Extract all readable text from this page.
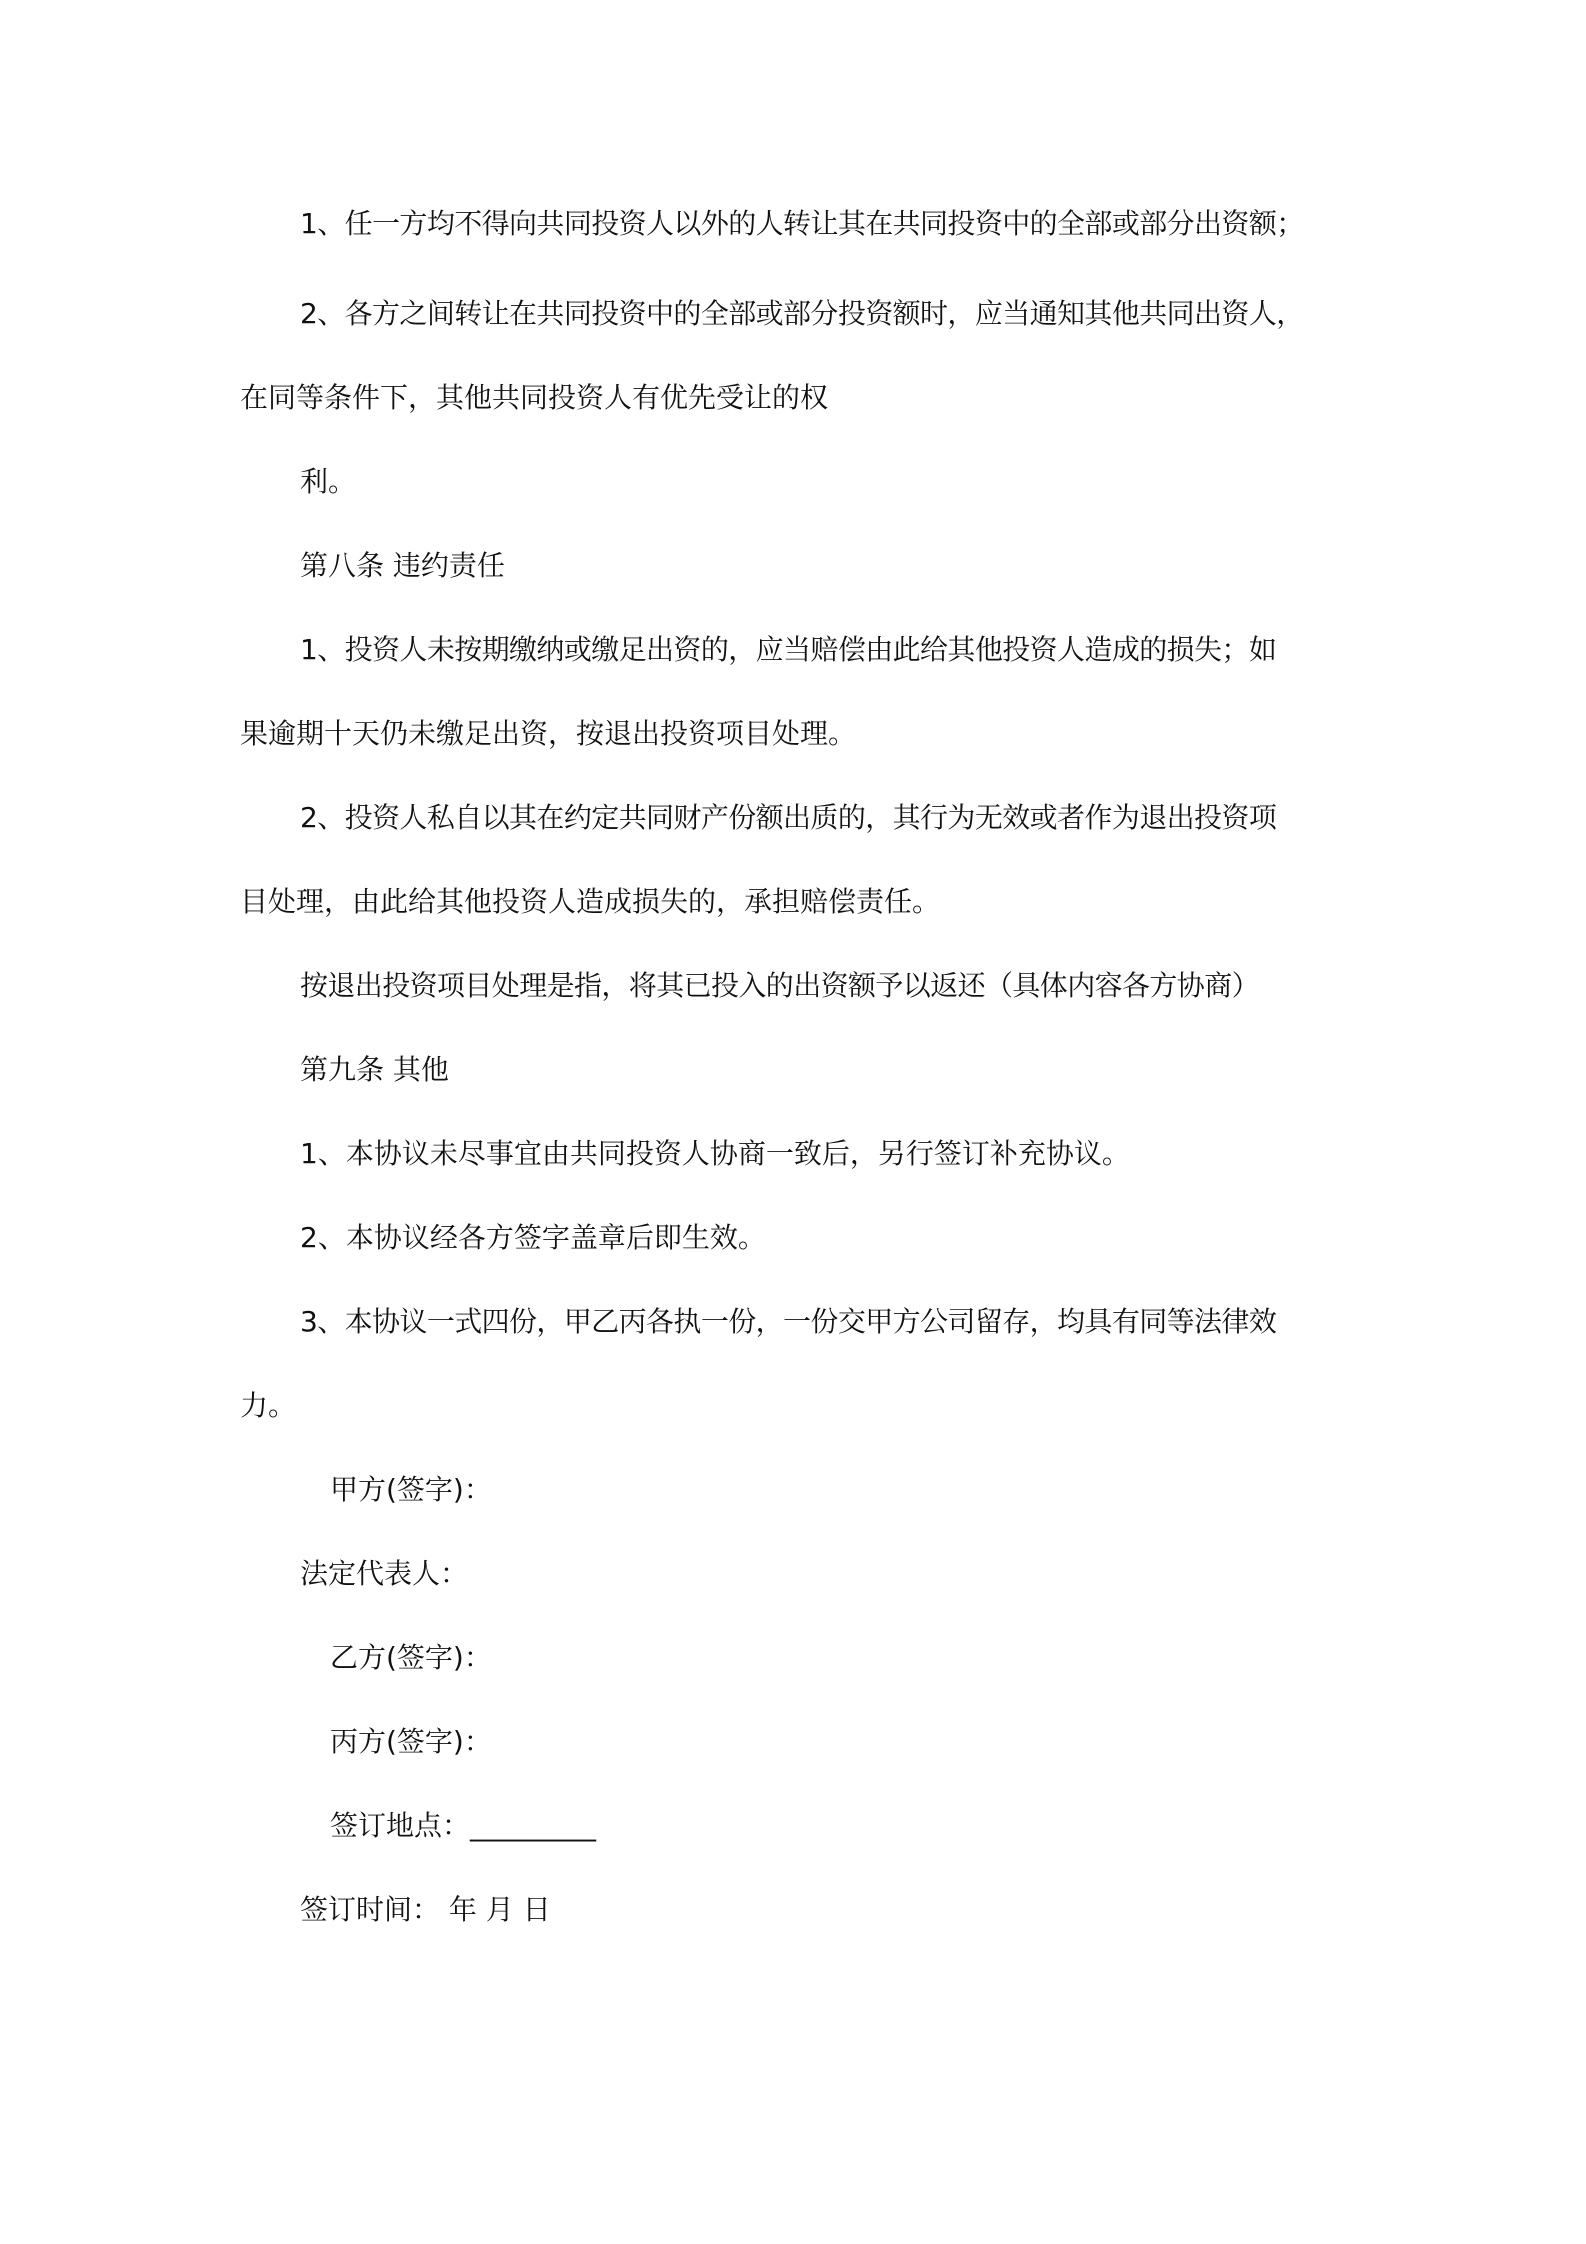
1、任一方均不得向共同投资人以外的人转让其在共同投资中的全部或部分出资额；
2、各方之间转让在共同投资中的全部或部分投资额时，应当通知其他共同出资人，
在同等条件下，其他共同投资人有优先受让的权
利。
第八条 违约责任
1、投资人未按期缴纳或缴足出资的，应当赔偿由此给其他投资人造成的损失；如
果逾期十天仍未缴足出资，按退出投资项目处理。
2、投资人私自以其在约定共同财产份额出质的，其行为无效或者作为退出投资项
目处理，由此给其他投资人造成损失的，承担赔偿责任。
按退出投资项目处理是指，将其已投入的出资额予以返还（具体内容各方协商）
第九条 其他
1、本协议未尽事宜由共同投资人协商一致后，另行签订补充协议。
2、本协议经各方签字盖章后即生效。
3、本协议一式四份，甲乙丙各执一份，一份交甲方公司留存，均具有同等法律效
力。
甲方(签字)：
法定代表人：
乙方(签字)：
丙方(签字)：
签订地点：_________
签订时间： 年 月 日
